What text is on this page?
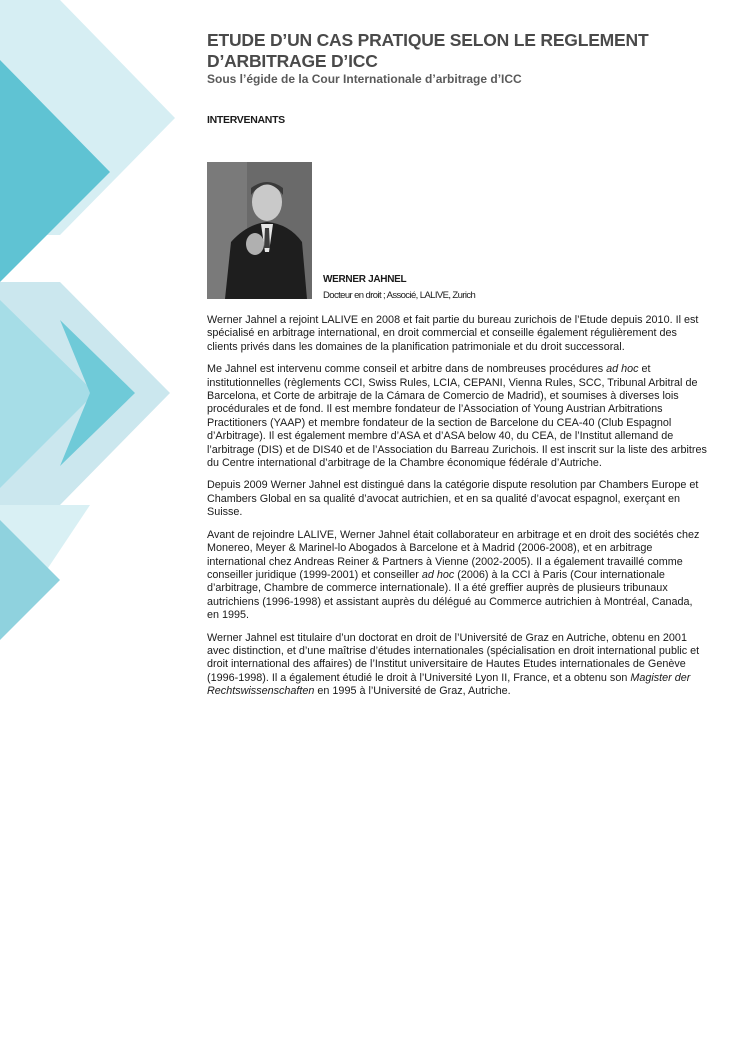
ETUDE D’UN CAS PRATIQUE SELON LE REGLEMENT D’ARBITRAGE D’ICC
Sous l’égide de la Cour Internationale d’arbitrage d’ICC
INTERVENANTS
WERNER JAHNEL
Docteur en droit ; Associé, LALIVE, Zurich

Werner Jahnel a rejoint LALIVE en 2008 et fait partie du bureau zurichois de l’Etude depuis 2010. Il est spécialisé en arbitrage international, en droit commercial et conseille également régulièrement des clients privés dans les domaines de la planification patrimoniale et du droit successoral.

Me Jahnel est intervenu comme conseil et arbitre dans de nombreuses procédures ad hoc et institutionnelles (règlements CCI, Swiss Rules, LCIA, CEPANI, Vienna Rules, SCC, Tribunal Arbitral de Barcelona, et Corte de arbitraje de la Cámara de Comercio de Madrid), et soumises à diverses lois procédurales et de fond. Il est membre fondateur de l’Association of Young Austrian Arbitrations Practitioners (YAAP) et membre fondateur de la section de Barcelone du CEA-40 (Club Espagnol d’Arbitrage). Il est également membre d’ASA et d’ASA below 40, du CEA, de l’Institut allemand de l’arbitrage (DIS) et de DIS40 et de l’Association du Barreau Zurichois. Il est inscrit sur la liste des arbitres du Centre international d’arbitrage de la Chambre économique fédérale d’Autriche.

Depuis 2009 Werner Jahnel est distingué dans la catégorie dispute resolution par Chambers Europe et Chambers Global en sa qualité d’avocat autrichien, et en sa qualité d’avocat espagnol, exerçant en Suisse.

Avant de rejoindre LALIVE, Werner Jahnel était collaborateur en arbitrage et en droit des sociétés chez Monereo, Meyer & Marinel-lo Abogados à Barcelone et à Madrid (2006-2008), et en arbitrage international chez Andreas Reiner & Partners à Vienne (2002-2005). Il a également travaillé comme conseiller juridique (1999-2001) et conseiller ad hoc (2006) à la CCI à Paris (Cour internationale d’arbitrage, Chambre de commerce internationale). Il a été greffier auprès de plusieurs tribunaux autrichiens (1996-1998) et assistant auprès du délégué au Commerce autrichien à Montréal, Canada, en 1995.

Werner Jahnel est titulaire d’un doctorat en droit de l’Université de Graz en Autriche, obtenu en 2001 avec distinction, et d’une maîtrise d’études internationales (spécialisation en droit international public et droit international des affaires) de l’Institut universitaire de Hautes Etudes internationales de Genève (1996-1998). Il a également étudié le droit à l’Université Lyon II, France, et a obtenu son Magister der Rechtswissenschaften en 1995 à l’Université de Graz, Autriche.
